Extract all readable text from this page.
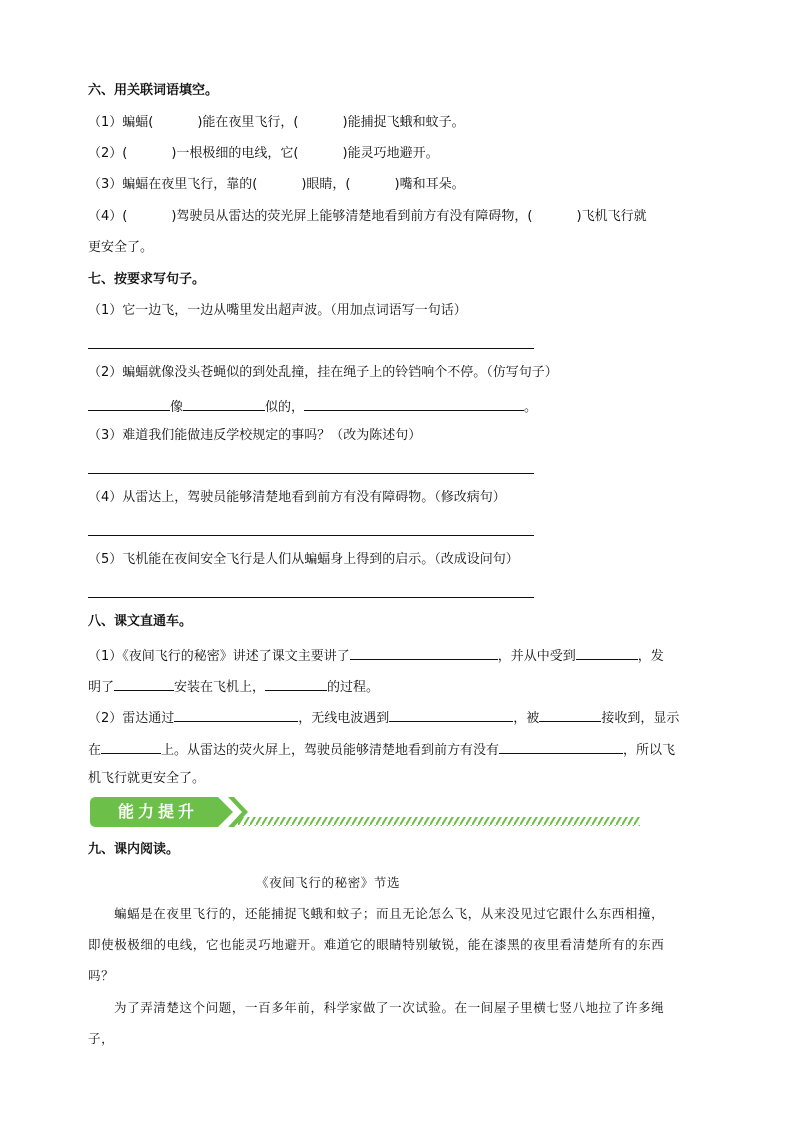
六、用关联词语填空。
（1）蝙蝠(	)能在夜里飞行，(	)能捕捉飞蛾和蚊子。
（2）(	)一根极细的电线，它(	)能灵巧地避开。
（3）蝙蝠在夜里飞行，靠的(	)眼睛，(	)嘴和耳朵。
（4）(	)驾驶员从雷达的荧光屏上能够清楚地看到前方有没有障碍物，(	)飞机飞行就
更安全了。
七、按要求写句子。
（1）它一边飞，一边从嘴里发出超声波。（用加点词语写一句话）
（2）蝙蝠就像没头苍蝇似的到处乱撞，挂在绳子上的铃铛响个不停。（仿写句子）
像	似的，	。
（3）难道我们能做违反学校规定的事吗？（改为陈述句）
（4）从雷达上，驾驶员能够清楚地看到前方有没有障碍物。（修改病句）
（5）飞机能在夜间安全飞行是人们从蝙蝠身上得到的启示。（改成设问句）
八、课文直通车。
（1）《夜间飞行的秘密》讲述了课文主要讲了	，并从中受到	，发
明了	安装在飞机上，	的过程。
（2）雷达通过	，无线电波遇到	，被	接收到，显示
在	上。从雷达的荧火屏上，驾驶员能够清楚地看到前方有没有	，所以飞
机飞行就更安全了。
能力提升
九、课内阅读。
《夜间飞行的秘密》节选
蝙蝠是在夜里飞行的，还能捕捉飞蛾和蚊子；而且无论怎么飞，从来没见过它跟什么东西相撞，
即使极极细的电线，它也能灵巧地避开。难道它的眼睛特别敏锐，能在漆黑的夜里看清楚所有的东西
吗？
为了弄清楚这个问题，一百多年前，科学家做了一次试验。在一间屋子里横七竖八地拉了许多绳
子，
